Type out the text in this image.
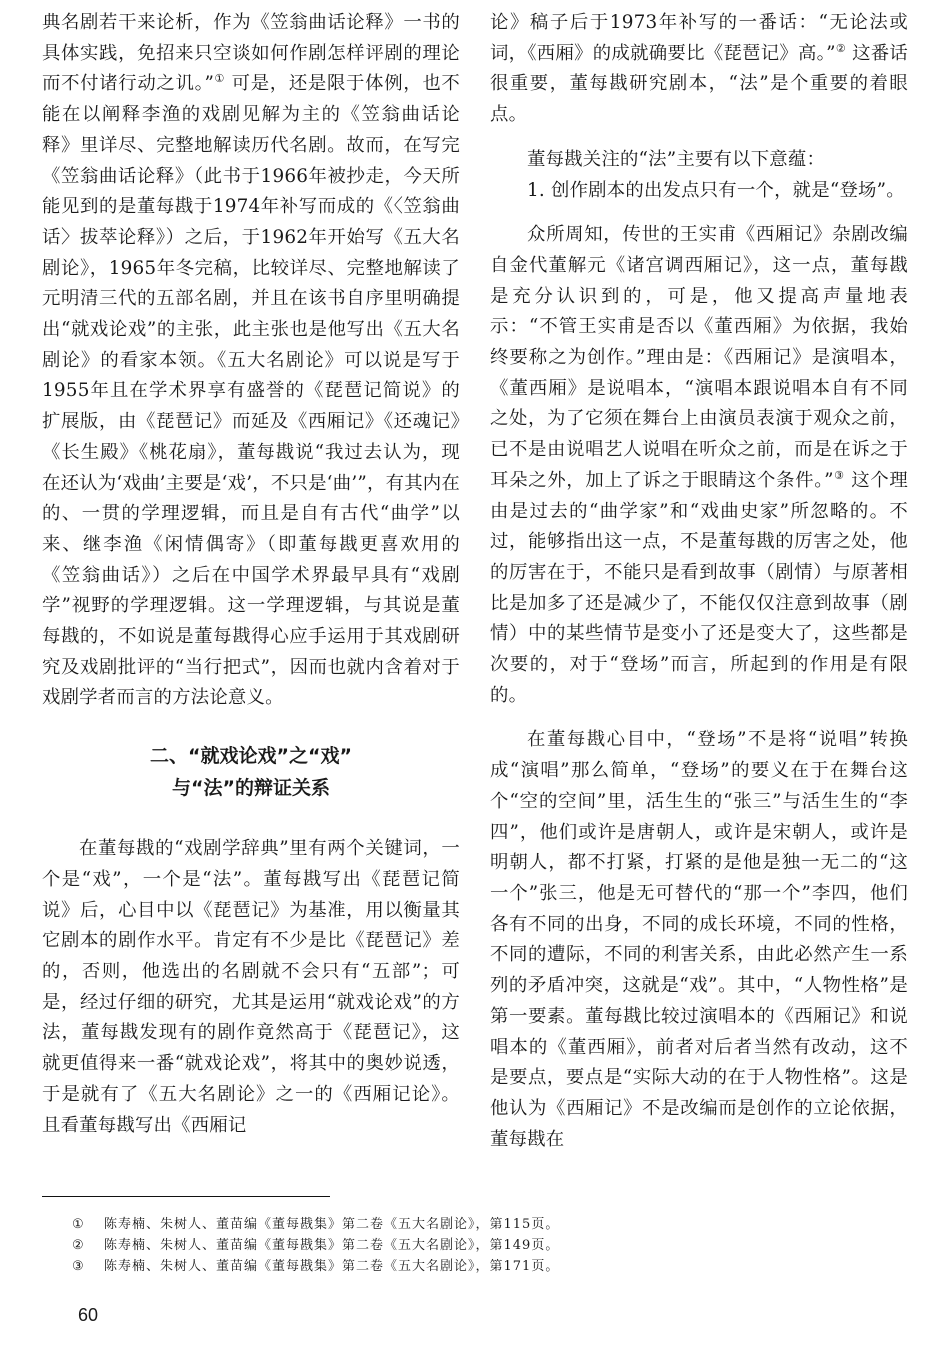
典名剧若干来论析，作为《笠翁曲话论释》一书的具体实践，免招来只空谈如何作剧怎样评剧的理论而不付诸行动之讥。”① 可是，还是限于体例，也不能在以阐释李渔的戏剧见解为主的《笠翁曲话论释》里详尽、完整地解读历代名剧。故而，在写完《笠翁曲话论释》（此书于1966年被抄走，今天所能见到的是董每戡于1974年补写而成的《〈笠翁曲话〉拔萃论释》）之后，于1962年开始写《五大名剧论》，1965年冬完稿，比较详尽、完整地解读了元明清三代的五部名剧，并且在该书自序里明确提出“就戏论戏”的主张，此主张也是他写出《五大名剧论》的看家本领。《五大名剧论》可以说是写于1955年且在学术界享有盛誉的《琵琶记简说》的扩展版，由《琵琶记》而延及《西厢记》《还魂记》《长生殿》《桃花扇》，董每戡说“我过去认为，现在还认为‘戏曲’主要是‘戏’，不只是‘曲’”，有其内在的、一贯的学理逻辑，而且是自有古代“曲学”以来、继李渔《闲情偶寄》（即董每戡更喜欢用的《笠翁曲话》）之后在中国学术界最早具有“戏剧学”视野的学理逻辑。这一学理逻辑，与其说是董每戡的，不如说是董每戡得心应手运用于其戏剧研究及戏剧批评的“当行把式”，因而也就内含着对于戏剧学者而言的方法论意义。

二、“就戏论戏”之“戏”
与“法”的辩证关系

在董每戡的“戏剧学辞典”里有两个关键词，一个是“戏”，一个是“法”。董每戡写出《琵琶记简说》后，心目中以《琵琶记》为基准，用以衡量其它剧本的剧作水平。肯定有不少是比《琵琶记》差的，否则，他选出的名剧就不会只有“五部”；可是，经过仔细的研究，尤其是运用“就戏论戏”的方法，董每戡发现有的剧作竟然高于《琵琶记》，这就更值得来一番“就戏论戏”，将其中的奥妙说透，于是就有了《五大名剧论》之一的《西厢记论》。且看董每戡写出《西厢记

论》稿子后于1973年补写的一番话：“无论法或词，《西厢》的成就确要比《琵琶记》高。”② 这番话很重要，董每戡研究剧本，“法”是个重要的着眼点。

董每戡关注的“法”主要有以下意蕴：

1. 创作剧本的出发点只有一个，就是“登场”。

众所周知，传世的王实甫《西厢记》杂剧改编自金代董解元《诸宫调西厢记》，这一点，董每戡是充分认识到的，可是，他又提高声量地表示：“不管王实甫是否以《董西厢》为依据，我始终要称之为创作。”理由是：《西厢记》是演唱本，《董西厢》是说唱本，“演唱本跟说唱本自有不同之处，为了它须在舞台上由演员表演于观众之前，已不是由说唱艺人说唱在听众之前，而是在诉之于耳朵之外，加上了诉之于眼睛这个条件。”③ 这个理由是过去的“曲学家”和“戏曲史家”所忽略的。不过，能够指出这一点，不是董每戡的厉害之处，他的厉害在于，不能只是看到故事（剧情）与原著相比是加多了还是减少了，不能仅仅注意到故事（剧情）中的某些情节是变小了还是变大了，这些都是次要的，对于“登场”而言，所起到的作用是有限的。

在董每戡心目中，“登场”不是将“说唱”转换成“演唱”那么简单，“登场”的要义在于在舞台这个“空的空间”里，活生生的“张三”与活生生的“李四”，他们或许是唐朝人，或许是宋朝人，或许是明朝人，都不打紧，打紧的是他是独一无二的“这一个”张三，他是无可替代的“那一个”李四，他们各有不同的出身，不同的成长环境，不同的性格，不同的遭际，不同的利害关系，由此必然产生一系列的矛盾冲突，这就是“戏”。其中，“人物性格”是第一要素。董每戡比较过演唱本的《西厢记》和说唱本的《董西厢》，前者对后者当然有改动，这不是要点，要点是“实际大动的在于人物性格”。这是他认为《西厢记》不是改编而是创作的立论依据，董每戡在

① 陈寿楠、朱树人、董苗编《董每戡集》第二卷《五大名剧论》，第115页。
② 陈寿楠、朱树人、董苗编《董每戡集》第二卷《五大名剧论》，第149页。
③ 陈寿楠、朱树人、董苗编《董每戡集》第二卷《五大名剧论》，第171页。
60
